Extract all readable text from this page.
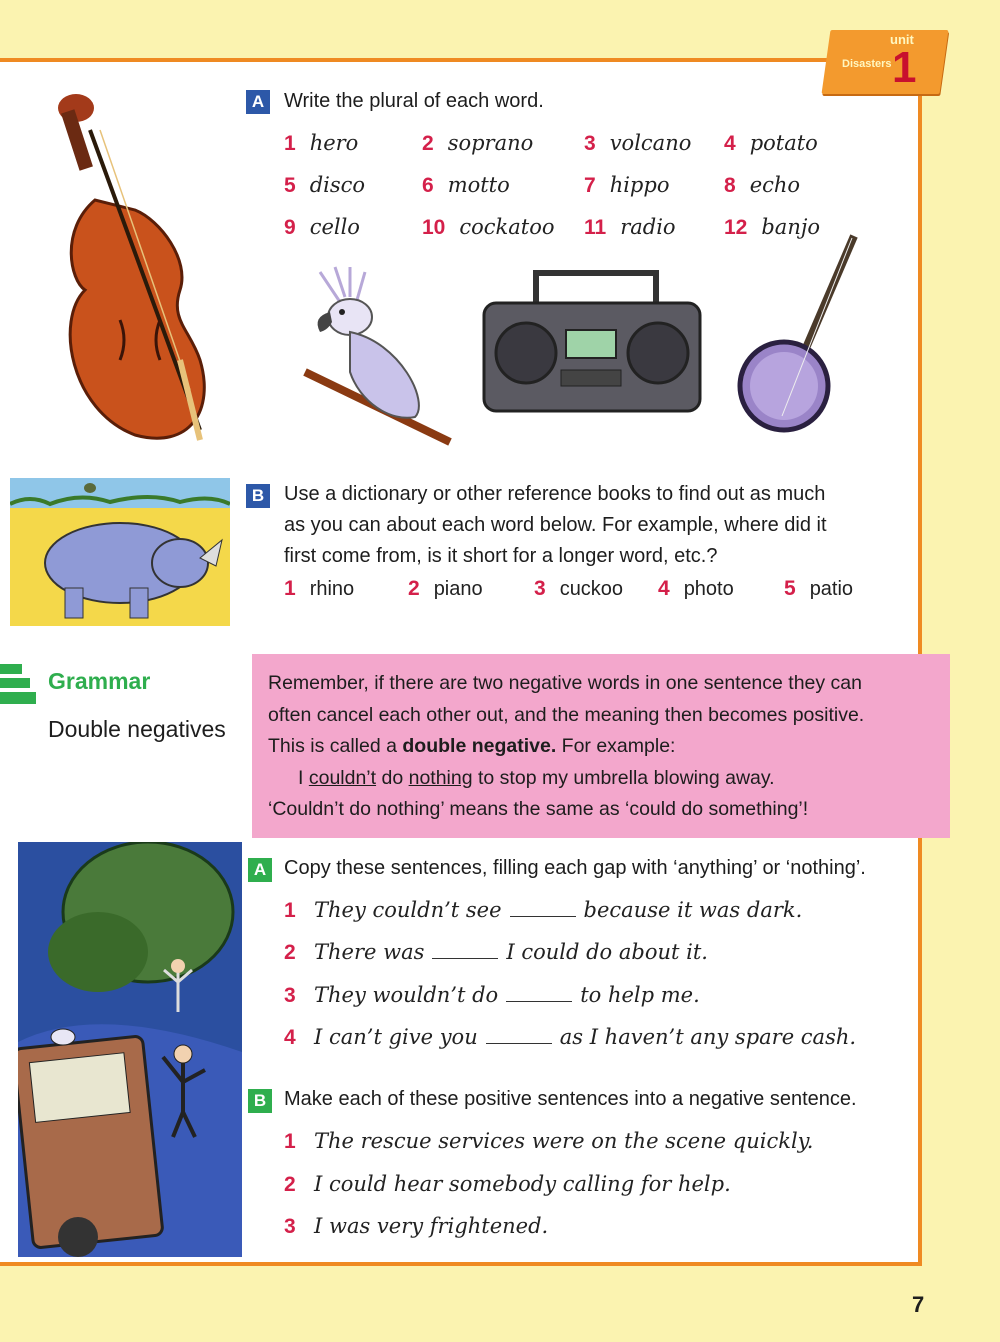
unit
Disasters 1
A Write the plural of each word.
1 hero	2 soprano 3 volcano 4 potato
5 disco	6 motto	7 hippo	8 echo
9 cello	10 cockatoo 11 radio 12 banjo
B Use a dictionary or other reference books to find out as much
as you can about each word below. For example, where did it
first come from, is it short for a longer word, etc.?
1 rhino	2 piano 3 cuckoo 4 photo 5 patio
Grammar
Double negatives
Remember, if there are two negative words in one sentence they can
often cancel each other out, and the meaning then becomes positive.
This is called a double negative. For example:
I couldn’t do nothing to stop my umbrella blowing away.
‘Couldn’t do nothing’ means the same as ‘could do something’!
A Copy these sentences, filling each gap with ‘anything’ or ‘nothing’.
1 They couldn’t see	because it was dark.
2 There was	I could do about it.
3 They wouldn’t do	to help me.
4 I can’t give you	as I haven’t any spare cash.
B Make each of these positive sentences into a negative sentence.
1 The rescue services were on the scene quickly.
2 I could hear somebody calling for help.
3 I was very frightened.
7
